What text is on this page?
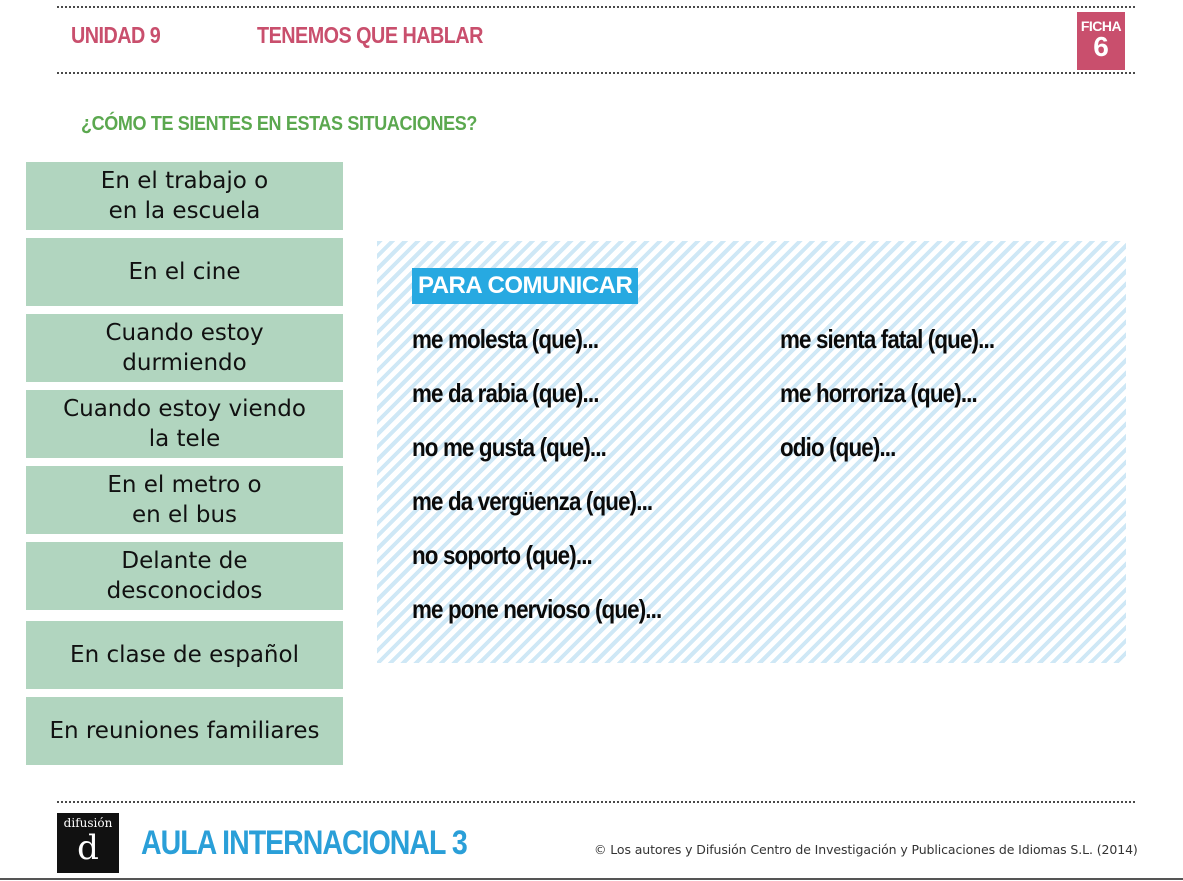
UNIDAD 9	TENEMOS QUE HABLAR	FICHA
6
¿CÓMO TE SIENTES EN ESTAS SITUACIONES?
En el trabajo o
en la escuela
En el cine
Cuando estoy
durmiendo
Cuando estoy viendo
la tele
En el metro o
en el bus
Delante de
desconocidos
En clase de español
En reuniones familiares
PARA COMUNICAR
me molesta (que)...
me da rabia (que)...
no me gusta (que)...
me da vergüenza (que)...
no soporto (que)...
me pone nervioso (que)...
me sienta fatal (que)...
me horroriza (que)...
odio (que)...
difusión
d	AULA INTERNACIONAL 3	© Los autores y Difusión Centro de Investigación y Publicaciones de Idiomas S.L. (2014)
